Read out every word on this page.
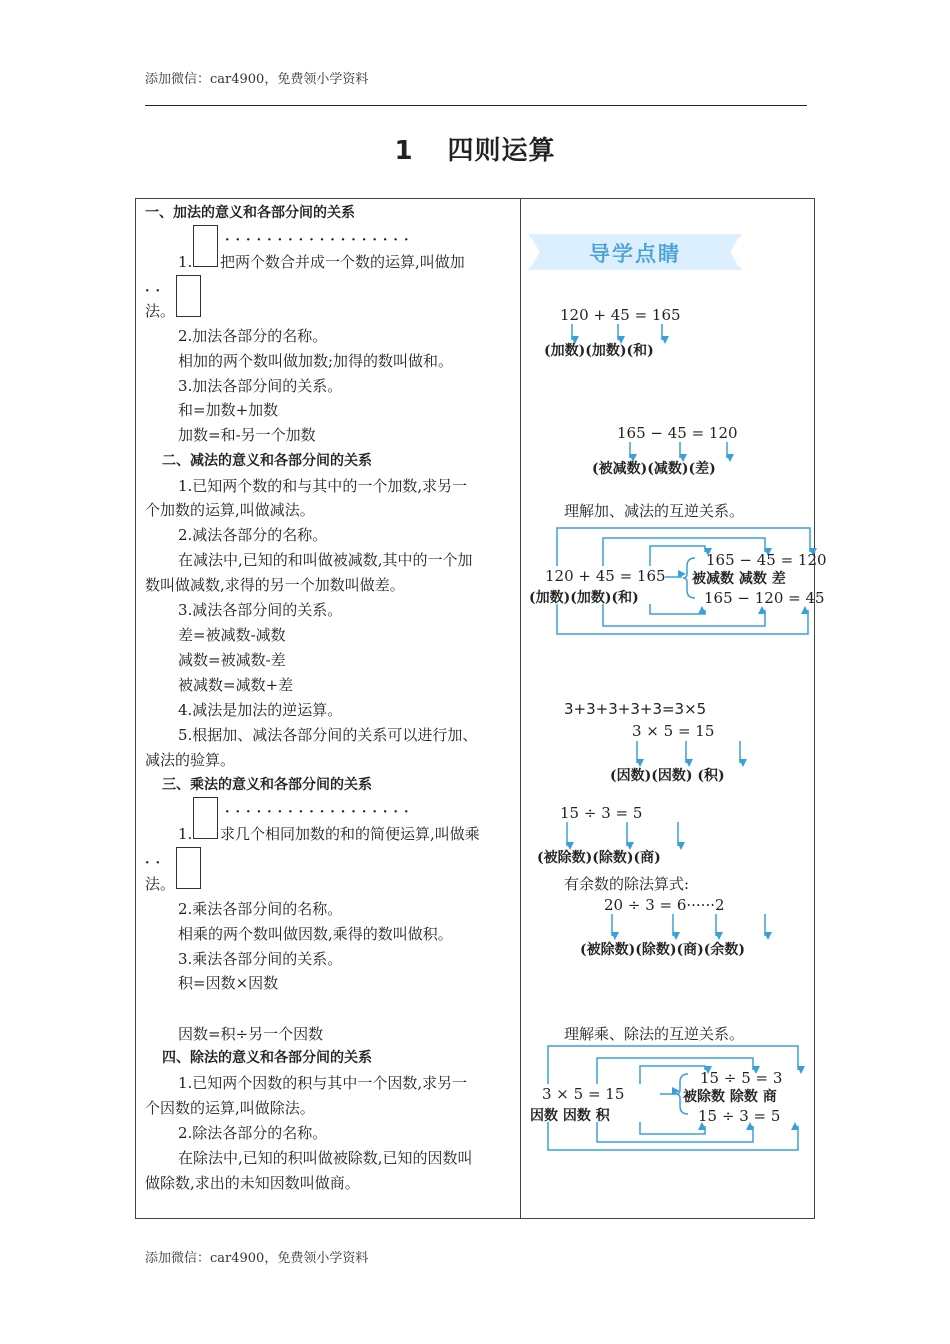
添加微信：car4900，免费领小学资料
1 四则运算
一、加法的意义和各部分间的关系
··················
1. 把两个数合并成一个数的运算,叫做加
··
法。
2.加法各部分的名称。
相加的两个数叫做加数;加得的数叫做和。
3.加法各部分间的关系。
和=加数+加数
加数=和-另一个加数
二、减法的意义和各部分间的关系
1.已知两个数的和与其中的一个加数,求另一
个加数的运算,叫做减法。
2.减法各部分的名称。
在减法中,已知的和叫做被减数,其中的一个加
数叫做减数,求得的另一个加数叫做差。
3.减法各部分间的关系。
差=被减数-减数
减数=被减数-差
被减数=减数+差
4.减法是加法的逆运算。
5.根据加、减法各部分间的关系可以进行加、
减法的验算。
三、乘法的意义和各部分间的关系
··················
1. 求几个相同加数的和的简便运算,叫做乘
··
法。
2.乘法各部分间的名称。
相乘的两个数叫做因数,乘得的数叫做积。
3.乘法各部分间的关系。
积=因数×因数
因数=积÷另一个因数
四、除法的意义和各部分间的关系
1.已知两个因数的积与其中一个因数,求另一
个因数的运算,叫做除法。
2.除法各部分的名称。
在除法中,已知的积叫做被除数,已知的因数叫
做除数,求出的未知因数叫做商。
导学点睛
120 + 45 = 165
(加数)(加数)(和)
165 − 45 = 120
(被减数)(减数)(差)
理解加、减法的互逆关系。
120 + 45 = 165
(加数)(加数)(和)
165 − 45 = 120
被减数 减数 差
165 − 120 = 45
3+3+3+3+3=3×5
3 × 5 = 15
(因数)(因数) (积)
15 ÷ 3 = 5
(被除数)(除数)(商)
有余数的除法算式:
20 ÷ 3 = 6······2
(被除数)(除数)(商)(余数)
理解乘、除法的互逆关系。
3 × 5 = 15
因数 因数 积
15 ÷ 5 = 3
被除数 除数 商
15 ÷ 3 = 5
添加微信：car4900，免费领小学资料
